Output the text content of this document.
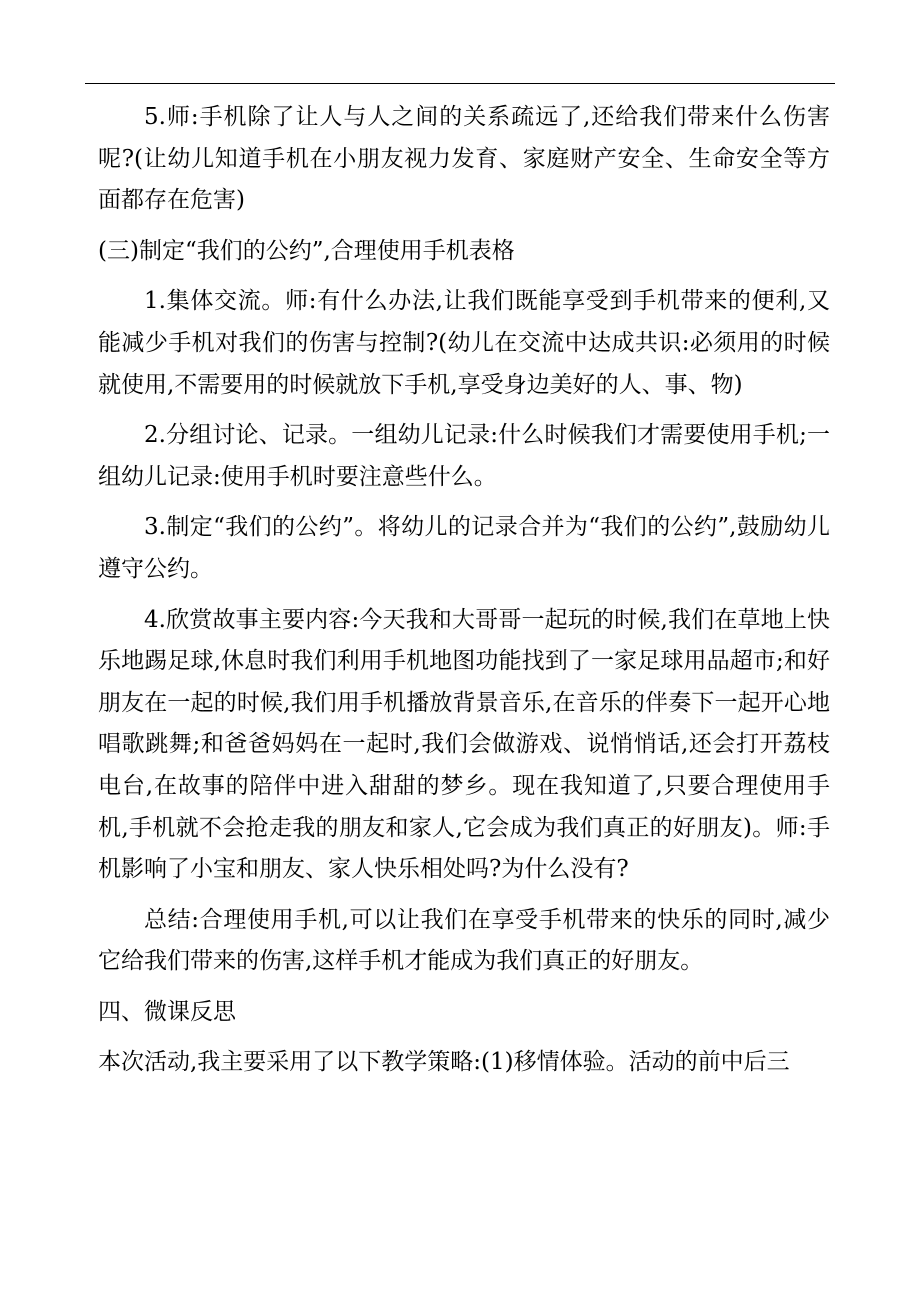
5.师:手机除了让人与人之间的关系疏远了,还给我们带来什么伤害呢?(让幼儿知道手机在小朋友视力发育、家庭财产安全、生命安全等方面都存在危害)

(三)制定“我们的公约”,合理使用手机表格

1.集体交流。师:有什么办法,让我们既能享受到手机带来的便利,又能减少手机对我们的伤害与控制?(幼儿在交流中达成共识:必须用的时候就使用,不需要用的时候就放下手机,享受身边美好的人、事、物)

2.分组讨论、记录。一组幼儿记录:什么时候我们才需要使用手机;一组幼儿记录:使用手机时要注意些什么。

3.制定“我们的公约”。将幼儿的记录合并为“我们的公约”,鼓励幼儿遵守公约。

4.欣赏故事主要内容:今天我和大哥哥一起玩的时候,我们在草地上快乐地踢足球,休息时我们利用手机地图功能找到了一家足球用品超市;和好朋友在一起的时候,我们用手机播放背景音乐,在音乐的伴奏下一起开心地唱歌跳舞;和爸爸妈妈在一起时,我们会做游戏、说悄悄话,还会打开荔枝电台,在故事的陪伴中进入甜甜的梦乡。现在我知道了,只要合理使用手机,手机就不会抢走我的朋友和家人,它会成为我们真正的好朋友)。师:手机影响了小宝和朋友、家人快乐相处吗?为什么没有?

总结:合理使用手机,可以让我们在享受手机带来的快乐的同时,减少它给我们带来的伤害,这样手机才能成为我们真正的好朋友。

四、微课反思

本次活动,我主要采用了以下教学策略:(1)移情体验。活动的前中后三
